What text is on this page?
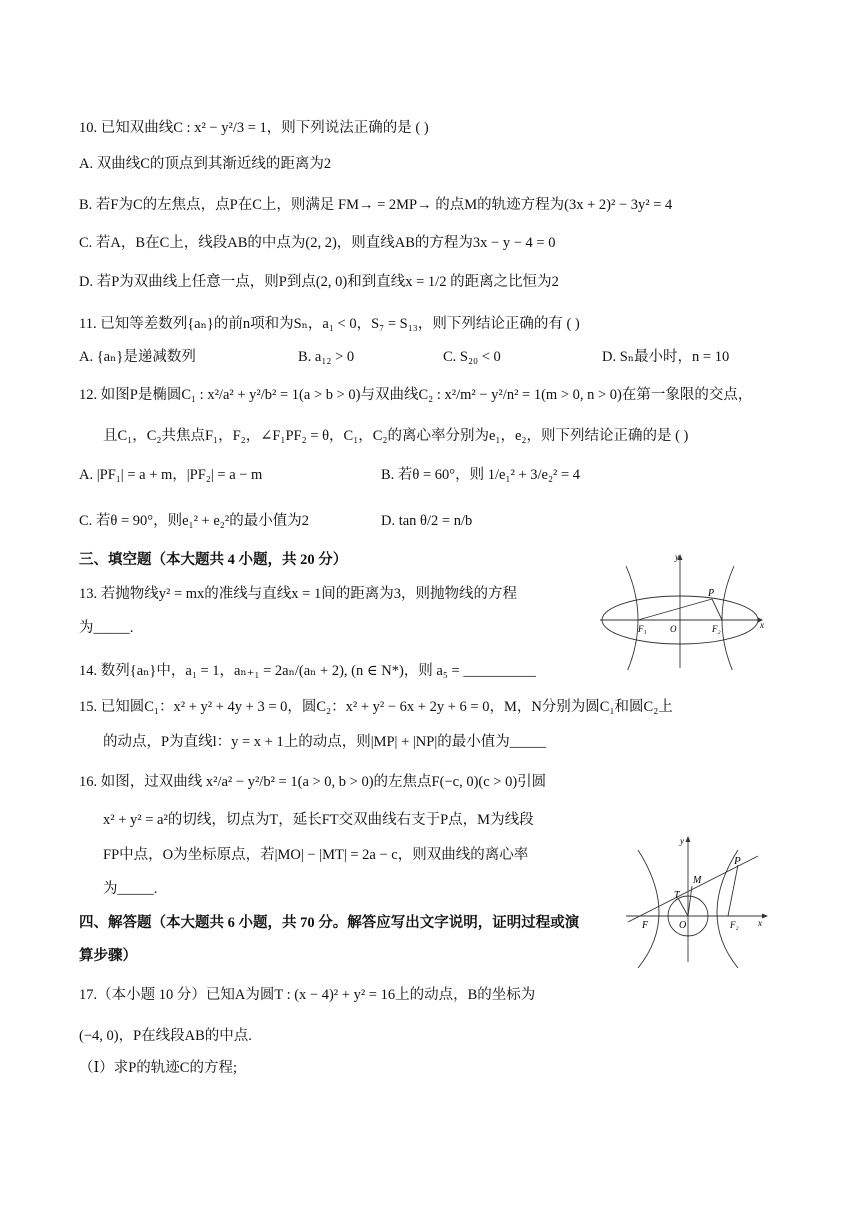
10. 已知双曲线C : x² − y²/3 = 1，则下列说法正确的是 ( )
A. 双曲线C的顶点到其渐近线的距离为2
B. 若F为C的左焦点，点P在C上，则满足 FM→ = 2MP→ 的点M的轨迹方程为(3x + 2)² − 3y² = 4
C. 若A，B在C上，线段AB的中点为(2, 2)，则直线AB的方程为3x − y − 4 = 0
D. 若P为双曲线上任意一点，则P到点(2, 0)和到直线x = 1/2 的距离之比恒为2
11. 已知等差数列{aₙ}的前n项和为Sₙ，a₁ < 0，S₇ = S₁₃，则下列结论正确的有 ( )
A. {aₙ}是递减数列	B. a₁₂ > 0	C. S₂₀ < 0	D. Sₙ最小时，n = 10
12. 如图P是椭圆C₁ : x²/a² + y²/b² = 1(a > b > 0)与双曲线C₂ : x²/m² − y²/n² = 1(m > 0, n > 0)在第一象限的交点，
且C₁，C₂共焦点F₁，F₂，∠F₁PF₂ = θ，C₁，C₂的离心率分别为e₁，e₂，则下列结论正确的是 ( )
A. |PF₁| = a + m，|PF₂| = a − m	B. 若θ = 60°，则 1/e₁² + 3/e₂² = 4
C. 若θ = 90°，则e₁² + e₂²的最小值为2	D. tan θ/2 = n/b
三、填空题（本大题共 4 小题，共 20 分）
13. 若抛物线y² = mx的准线与直线x = 1间的距离为3，则抛物线的方程
为_____.
y
x
P
F₁	O	F₂
14. 数列{aₙ}中，a₁ = 1，aₙ₊₁ = 2aₙ/(aₙ + 2), (n ∈ N*)，则 a₅ = __________
15. 已知圆C₁：x² + y² + 4y + 3 = 0，圆C₂：x² + y² − 6x + 2y + 6 = 0，M，N分别为圆C₁和圆C₂上
的动点，P为直线l：y = x + 1上的动点，则|MP| + |NP|的最小值为_____
16. 如图，过双曲线 x²/a² − y²/b² = 1(a > 0, b > 0)的左焦点F(−c, 0)(c > 0)引圆
x² + y² = a²的切线，切点为T，延长FT交双曲线右支于P点，M为线段
FP中点，O为坐标原点，若|MO| − |MT| = 2a − c，则双曲线的离心率
为_____.
y
x
P
M
T
F	O	F₂
四、解答题（本大题共 6 小题，共 70 分。解答应写出文字说明，证明过程或演
算步骤）
17.（本小题 10 分）已知A为圆T : (x − 4)² + y² = 16上的动点，B的坐标为
(−4, 0)，P在线段AB的中点.
（Ⅰ）求P的轨迹C的方程;
